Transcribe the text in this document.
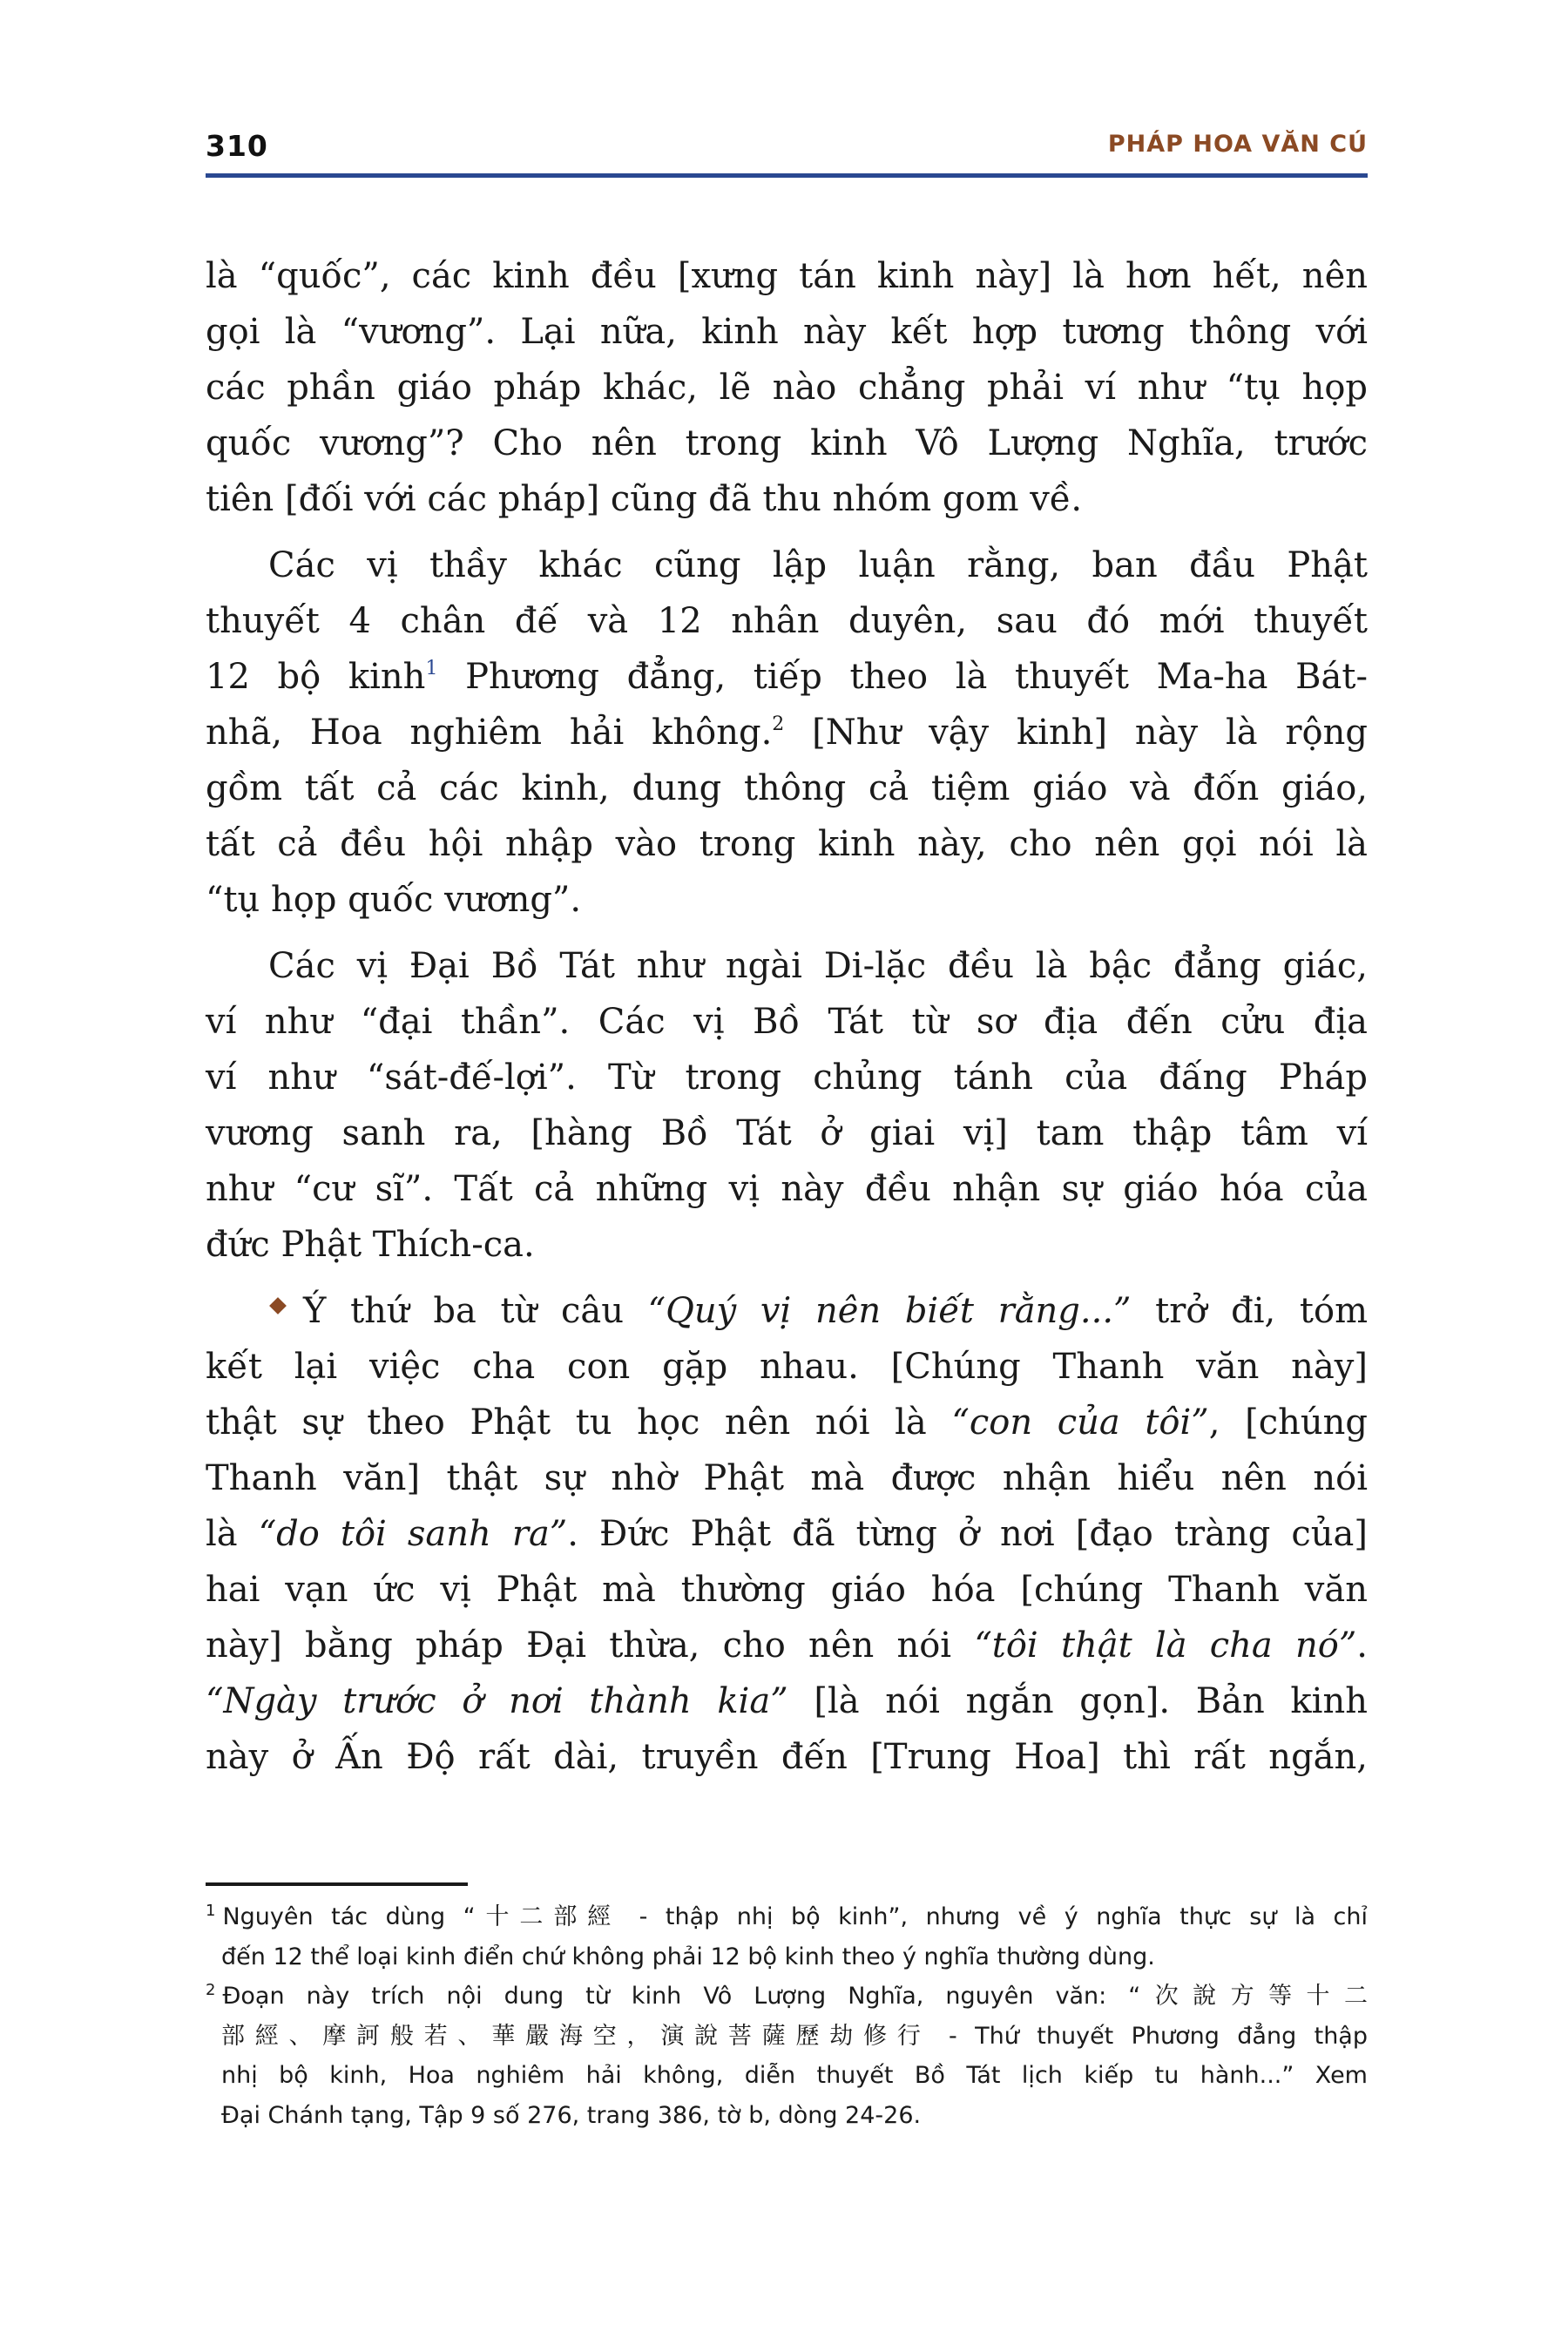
310	PHÁP HOA VĂN CÚ

là “quốc”, các kinh đều [xưng tán kinh này] là hơn hết, nên
gọi là “vương”. Lại nữa, kinh này kết hợp tương thông với
các phần giáo pháp khác, lẽ nào chẳng phải ví như “tụ họp
quốc vương”? Cho nên trong kinh Vô Lượng Nghĩa, trước
tiên [đối với các pháp] cũng đã thu nhóm gom về.

Các vị thầy khác cũng lập luận rằng, ban đầu Phật
thuyết 4 chân đế và 12 nhân duyên, sau đó mới thuyết
12 bộ kinh$^1$ Phương đẳng, tiếp theo là thuyết Ma-ha Bát-
nhã, Hoa nghiêm hải không.$^2$ [Như vậy kinh] này là rộng
gồm tất cả các kinh, dung thông cả tiệm giáo và đốn giáo,
tất cả đều hội nhập vào trong kinh này, cho nên gọi nói là
“tụ họp quốc vương”.

Các vị Đại Bồ Tát như ngài Di-lặc đều là bậc đẳng giác,
ví như “đại thần”. Các vị Bồ Tát từ sơ địa đến cửu địa
ví như “sát-đế-lợi”. Từ trong chủng tánh của đấng Pháp
vương sanh ra, [hàng Bồ Tát ở giai vị] tam thập tâm ví
như “cư sĩ”. Tất cả những vị này đều nhận sự giáo hóa của
đức Phật Thích-ca.

Ý thứ ba từ câu “Quý vị nên biết rằng...” trở đi, tóm
kết lại việc cha con gặp nhau. [Chúng Thanh văn này]
thật sự theo Phật tu học nên nói là “con của tôi”, [chúng
Thanh văn] thật sự nhờ Phật mà được nhận hiểu nên nói
là “do tôi sanh ra”. Đức Phật đã từng ở nơi [đạo tràng của]
hai vạn ức vị Phật mà thường giáo hóa [chúng Thanh văn
này] bằng pháp Đại thừa, cho nên nói “tôi thật là cha nó”.
“Ngày trước ở nơi thành kia” [là nói ngắn gọn]. Bản kinh
này ở Ấn Độ rất dài, truyền đến [Trung Hoa] thì rất ngắn,

$^1$ Nguyên tác dùng “十二部經 - thập nhị bộ kinh”, nhưng về ý nghĩa thực sự là chỉ
đến 12 thể loại kinh điển chứ không phải 12 bộ kinh theo ý nghĩa thường dùng.
$^2$ Đoạn này trích nội dung từ kinh Vô Lượng Nghĩa, nguyên văn: “次說方等十二
部經、摩訶般若、華嚴海空，演說菩薩歷劫修行 - Thứ thuyết Phương đẳng thập
nhị bộ kinh, Hoa nghiêm hải không, diễn thuyết Bồ Tát lịch kiếp tu hành...” Xem
Đại Chánh tạng, Tập 9 số 276, trang 386, tờ b, dòng 24-26.
